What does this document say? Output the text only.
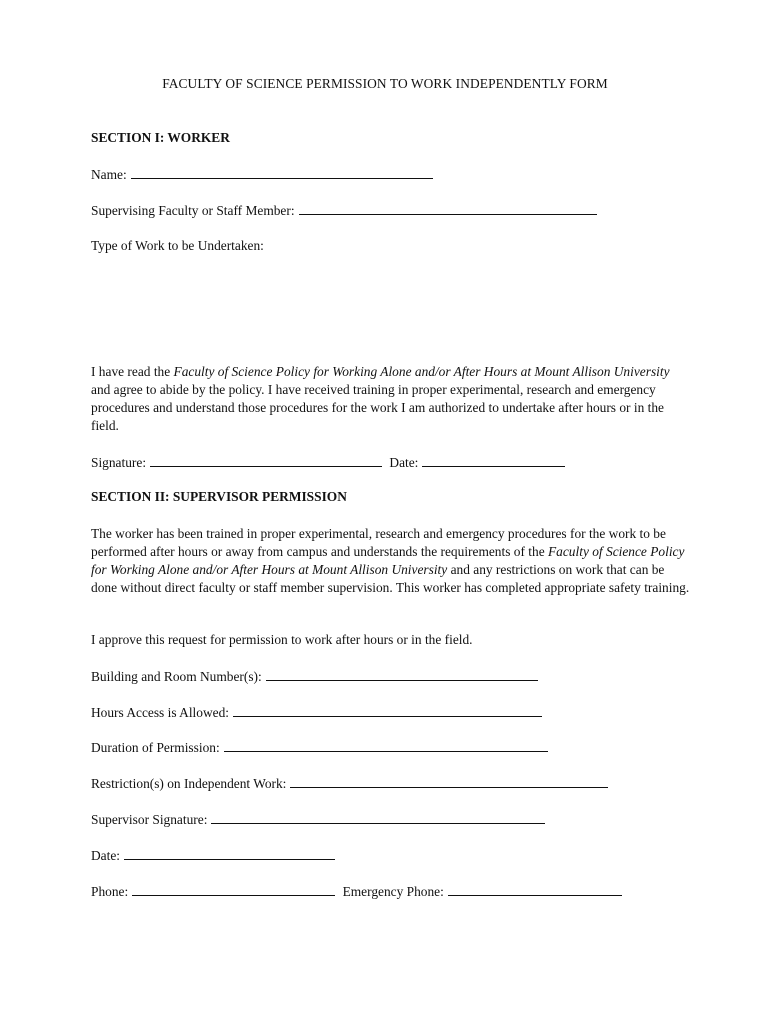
FACULTY OF SCIENCE PERMISSION TO WORK INDEPENDENTLY FORM
SECTION I: WORKER
Name:
Supervising Faculty or Staff Member:
Type of Work to be Undertaken:
I have read the Faculty of Science Policy for Working Alone and/or After Hours at Mount Allison University and agree to abide by the policy. I have received training in proper experimental, research and emergency procedures and understand those procedures for the work I am authorized to undertake after hours or in the field.
Signature:	Date:
SECTION II: SUPERVISOR PERMISSION
The worker has been trained in proper experimental, research and emergency procedures for the work to be performed after hours or away from campus and understands the requirements of the Faculty of Science Policy for Working Alone and/or After Hours at Mount Allison University and any restrictions on work that can be done without direct faculty or staff member supervision. This worker has completed appropriate safety training.
I approve this request for permission to work after hours or in the field.
Building and Room Number(s):
Hours Access is Allowed:
Duration of Permission:
Restriction(s) on Independent Work:
Supervisor Signature:
Date:
Phone:	Emergency Phone:
